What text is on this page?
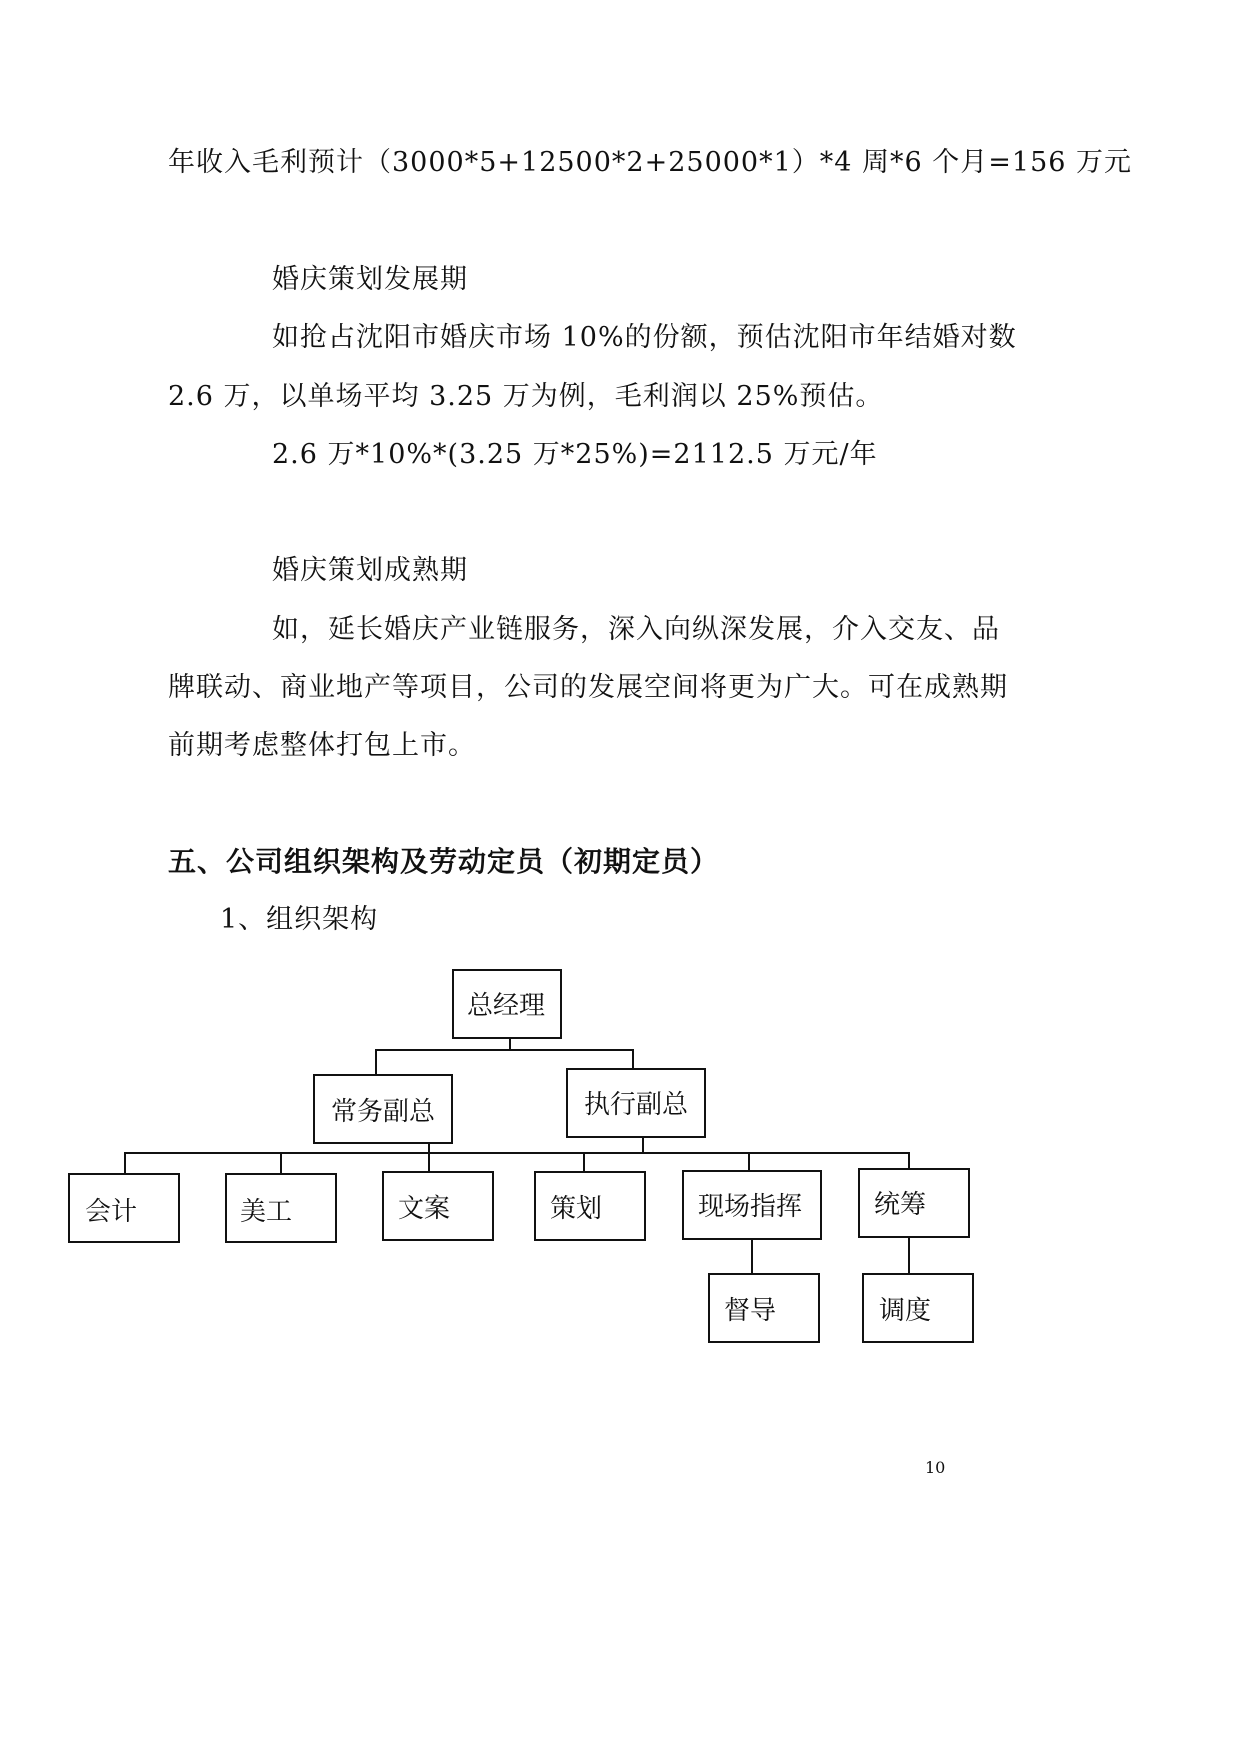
年收入毛利预计（3000*5+12500*2+25000*1）*4 周*6 个月=156 万元
婚庆策划发展期
如抢占沈阳市婚庆市场 10%的份额，预估沈阳市年结婚对数
2.6 万，以单场平均 3.25 万为例，毛利润以 25%预估。
2.6 万*10%*(3.25 万*25%)=2112.5 万元/年
婚庆策划成熟期
如，延长婚庆产业链服务，深入向纵深发展，介入交友、品
牌联动、商业地产等项目，公司的发展空间将更为广大。可在成熟期
前期考虑整体打包上市。
五、公司组织架构及劳动定员（初期定员）
1、组织架构
总经理
常务副总	执行副总
会计	美工	文案	策划	现场指挥	统筹
督导	调度
10
